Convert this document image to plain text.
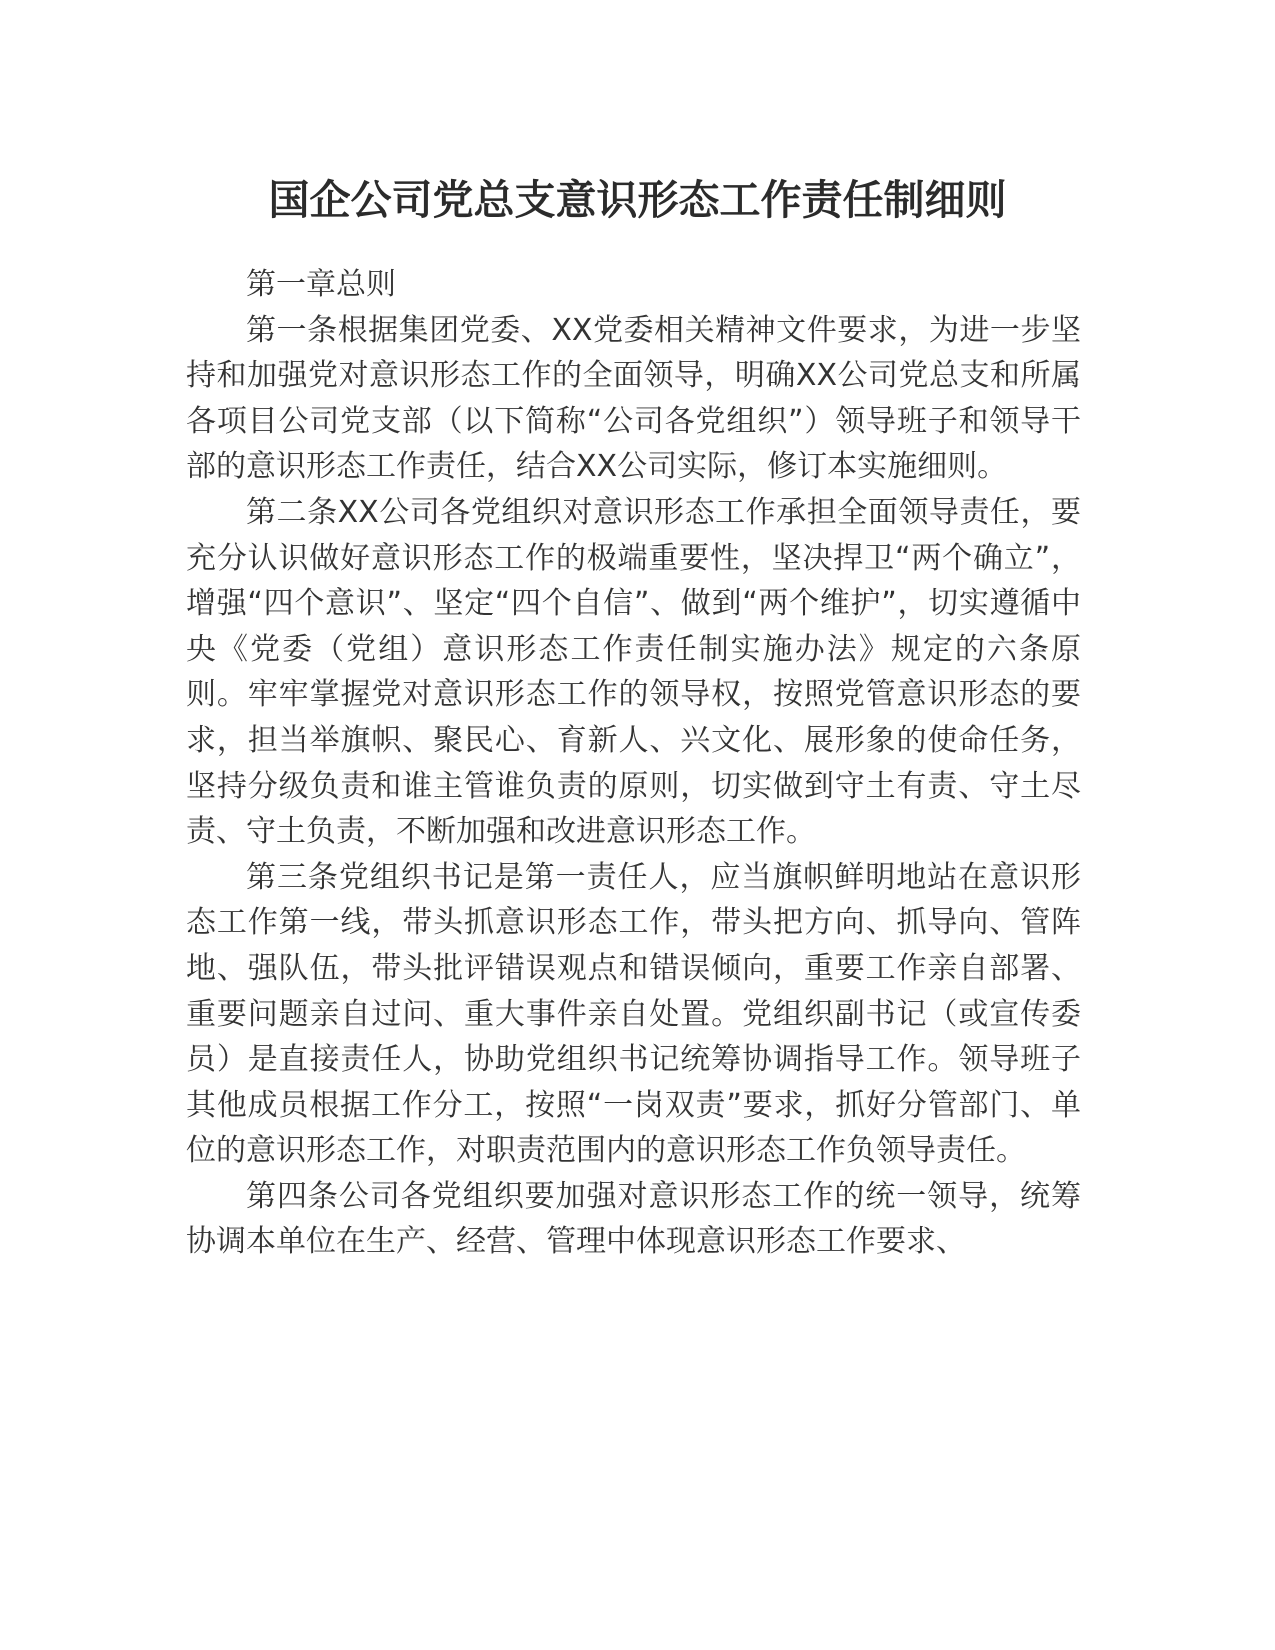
国企公司党总支意识形态工作责任制细则

第一章总则

第一条根据集团党委、XX党委相关精神文件要求，为进一步坚持和加强党对意识形态工作的全面领导，明确XX公司党总支和所属各项目公司党支部（以下简称“公司各党组织”）领导班子和领导干部的意识形态工作责任，结合XX公司实际，修订本实施细则。

第二条XX公司各党组织对意识形态工作承担全面领导责任，要充分认识做好意识形态工作的极端重要性，坚决捍卫“两个确立”，增强“四个意识”、坚定“四个自信”、做到“两个维护”，切实遵循中央《党委（党组）意识形态工作责任制实施办法》规定的六条原则。牢牢掌握党对意识形态工作的领导权，按照党管意识形态的要求，担当举旗帜、聚民心、育新人、兴文化、展形象的使命任务，坚持分级负责和谁主管谁负责的原则，切实做到守土有责、守土尽责、守土负责，不断加强和改进意识形态工作。

第三条党组织书记是第一责任人，应当旗帜鲜明地站在意识形态工作第一线，带头抓意识形态工作，带头把方向、抓导向、管阵地、强队伍，带头批评错误观点和错误倾向，重要工作亲自部署、重要问题亲自过问、重大事件亲自处置。党组织副书记（或宣传委员）是直接责任人，协助党组织书记统筹协调指导工作。领导班子其他成员根据工作分工，按照“一岗双责”要求，抓好分管部门、单位的意识形态工作，对职责范围内的意识形态工作负领导责任。

第四条公司各党组织要加强对意识形态工作的统一领导，统筹协调本单位在生产、经营、管理中体现意识形态工作要求、
